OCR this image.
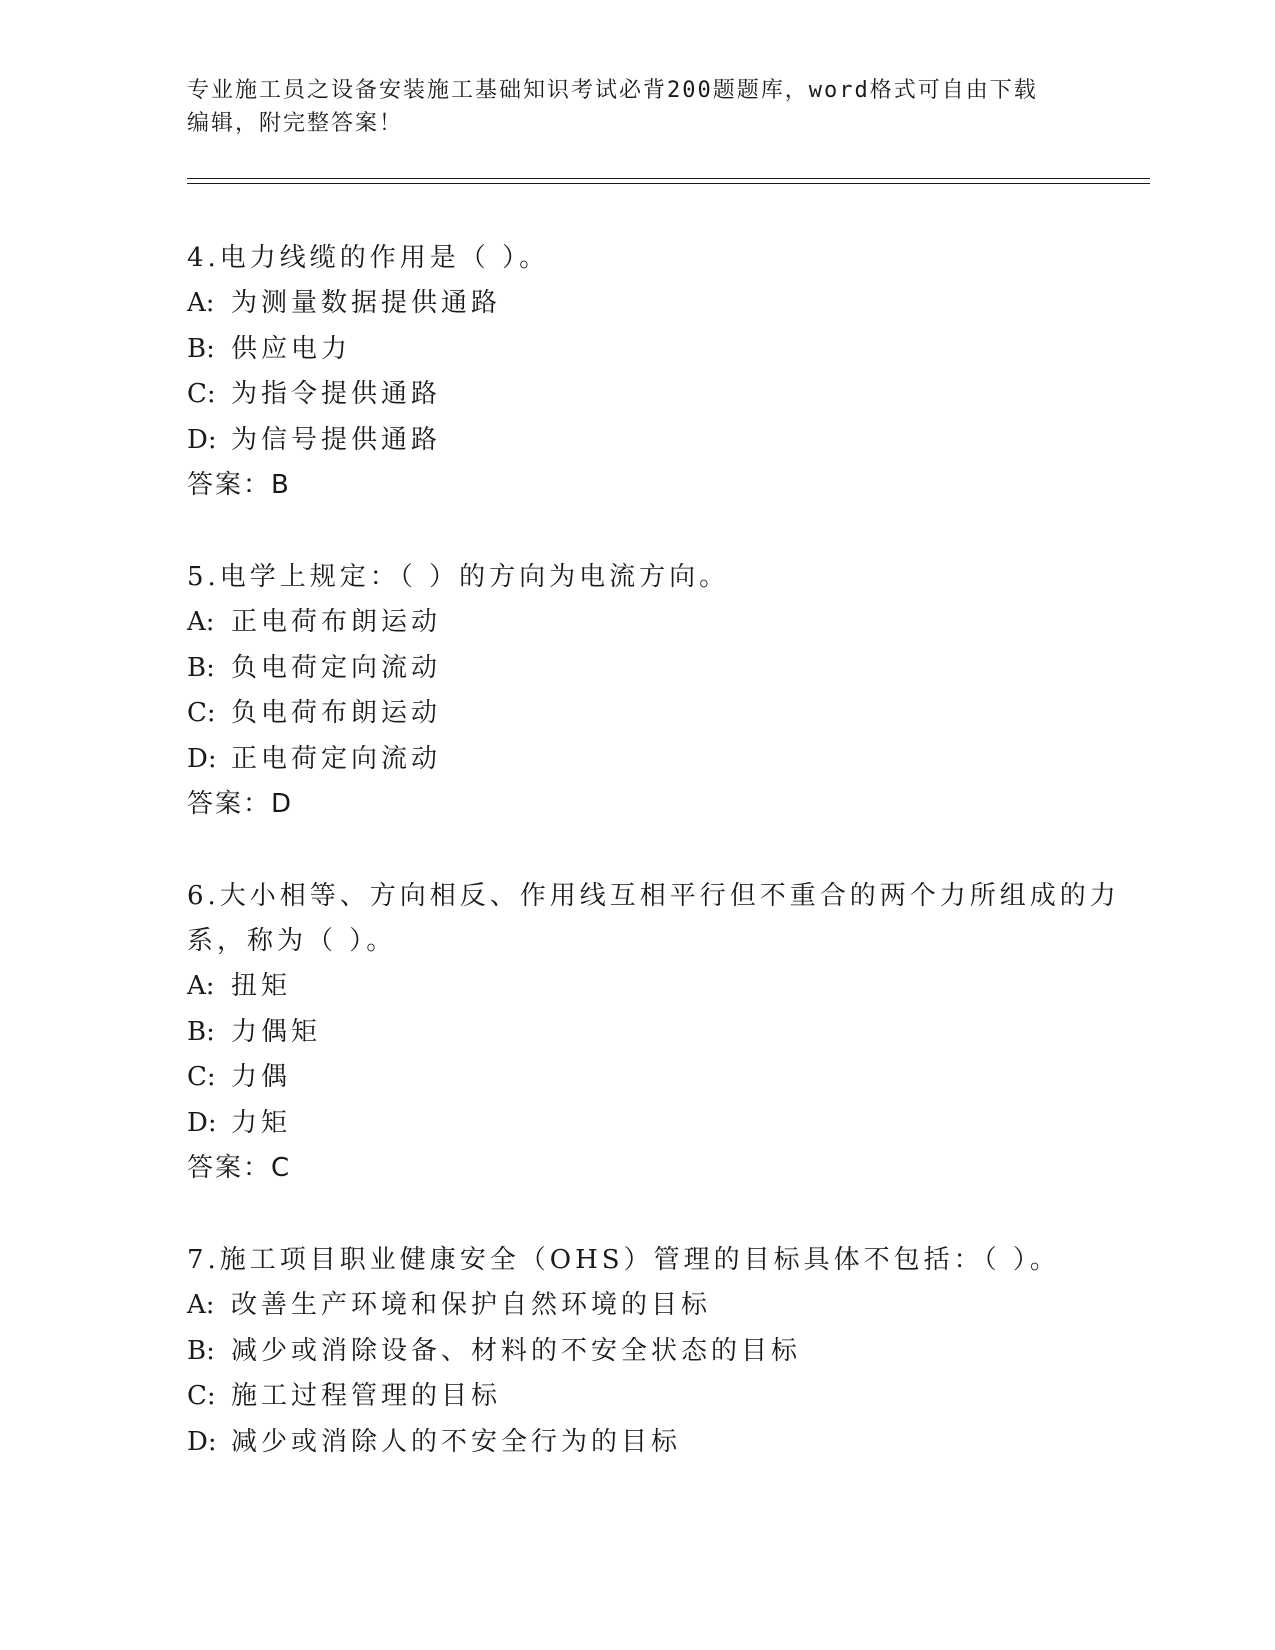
专业施工员之设备安装施工基础知识考试必背200题题库，word格式可自由下载
编辑，附完整答案！
4.电力线缆的作用是（ ）。
A: 为测量数据提供通路
B: 供应电力
C: 为指令提供通路
D: 为信号提供通路
答案：B
5.电学上规定：（ ）的方向为电流方向。
A: 正电荷布朗运动
B: 负电荷定向流动
C: 负电荷布朗运动
D: 正电荷定向流动
答案：D
6.大小相等、方向相反、作用线互相平行但不重合的两个力所组成的力系，称为（ ）。
A: 扭矩
B: 力偶矩
C: 力偶
D: 力矩
答案：C
7.施工项目职业健康安全（OHS）管理的目标具体不包括：（ ）。
A: 改善生产环境和保护自然环境的目标
B: 减少或消除设备、材料的不安全状态的目标
C: 施工过程管理的目标
D: 减少或消除人的不安全行为的目标
